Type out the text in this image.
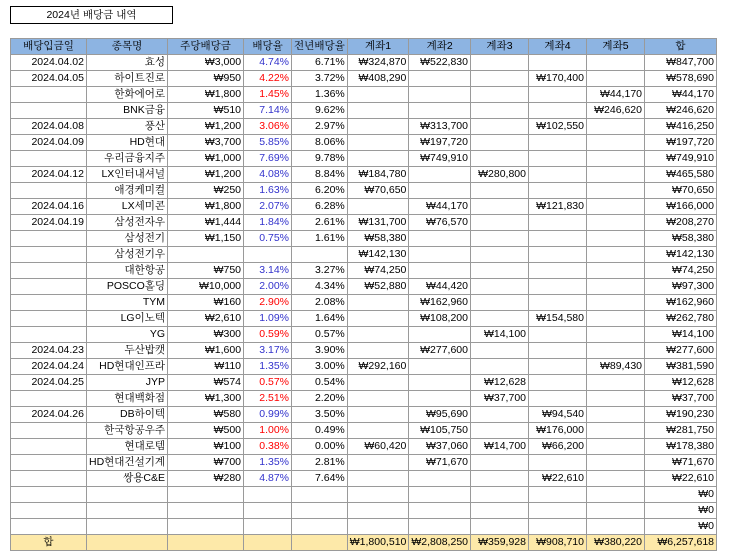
2024년 배당금 내역
배당입금일	종목명	주당배당금	배당율	전년배당율	계좌1	계좌2	계좌3	계좌4	계좌5	합
2024.04.02	효성	₩3,000	4.74%	6.71%	₩324,870	₩522,830				₩847,700
2024.04.05	하이트진로	₩950	4.22%	3.72%	₩408,290			₩170,400		₩578,690
	한화에어로	₩1,800	1.45%	1.36%					₩44,170	₩44,170
	BNK금융	₩510	7.14%	9.62%					₩246,620	₩246,620
2024.04.08	풍산	₩1,200	3.06%	2.97%		₩313,700		₩102,550		₩416,250
2024.04.09	HD현대	₩3,700	5.85%	8.06%		₩197,720				₩197,720
	우리금융지주	₩1,000	7.69%	9.78%		₩749,910				₩749,910
2024.04.12	LX인터내셔널	₩1,200	4.08%	8.84%	₩184,780		₩280,800			₩465,580
	애경케미컬	₩250	1.63%	6.20%	₩70,650					₩70,650
2024.04.16	LX세미콘	₩1,800	2.07%	6.28%		₩44,170		₩121,830		₩166,000
2024.04.19	삼성전자우	₩1,444	1.84%	2.61%	₩131,700	₩76,570				₩208,270
	삼성전기	₩1,150	0.75%	1.61%	₩58,380					₩58,380
	삼성전기우				₩142,130					₩142,130
	대한항공	₩750	3.14%	3.27%	₩74,250					₩74,250
	POSCO홀딩	₩10,000	2.00%	4.34%	₩52,880	₩44,420				₩97,300
	TYM	₩160	2.90%	2.08%		₩162,960				₩162,960
	LG이노텍	₩2,610	1.09%	1.64%		₩108,200		₩154,580		₩262,780
	YG	₩300	0.59%	0.57%			₩14,100			₩14,100
2024.04.23	두산밥캣	₩1,600	3.17%	3.90%		₩277,600				₩277,600
2024.04.24	HD현대인프라	₩110	1.35%	3.00%	₩292,160				₩89,430	₩381,590
2024.04.25	JYP	₩574	0.57%	0.54%			₩12,628			₩12,628
	현대백화점	₩1,300	2.51%	2.20%			₩37,700			₩37,700
2024.04.26	DB하이텍	₩580	0.99%	3.50%		₩95,690		₩94,540		₩190,230
	한국항공우주	₩500	1.00%	0.49%		₩105,750		₩176,000		₩281,750
	현대로템	₩100	0.38%	0.00%	₩60,420	₩37,060	₩14,700	₩66,200		₩178,380
	HD현대건설기계	₩700	1.35%	2.81%		₩71,670				₩71,670
	쌍용C&E	₩280	4.87%	7.64%				₩22,610		₩22,610
										₩0
										₩0
										₩0
합					₩1,800,510	₩2,808,250	₩359,928	₩908,710	₩380,220	₩6,257,618
